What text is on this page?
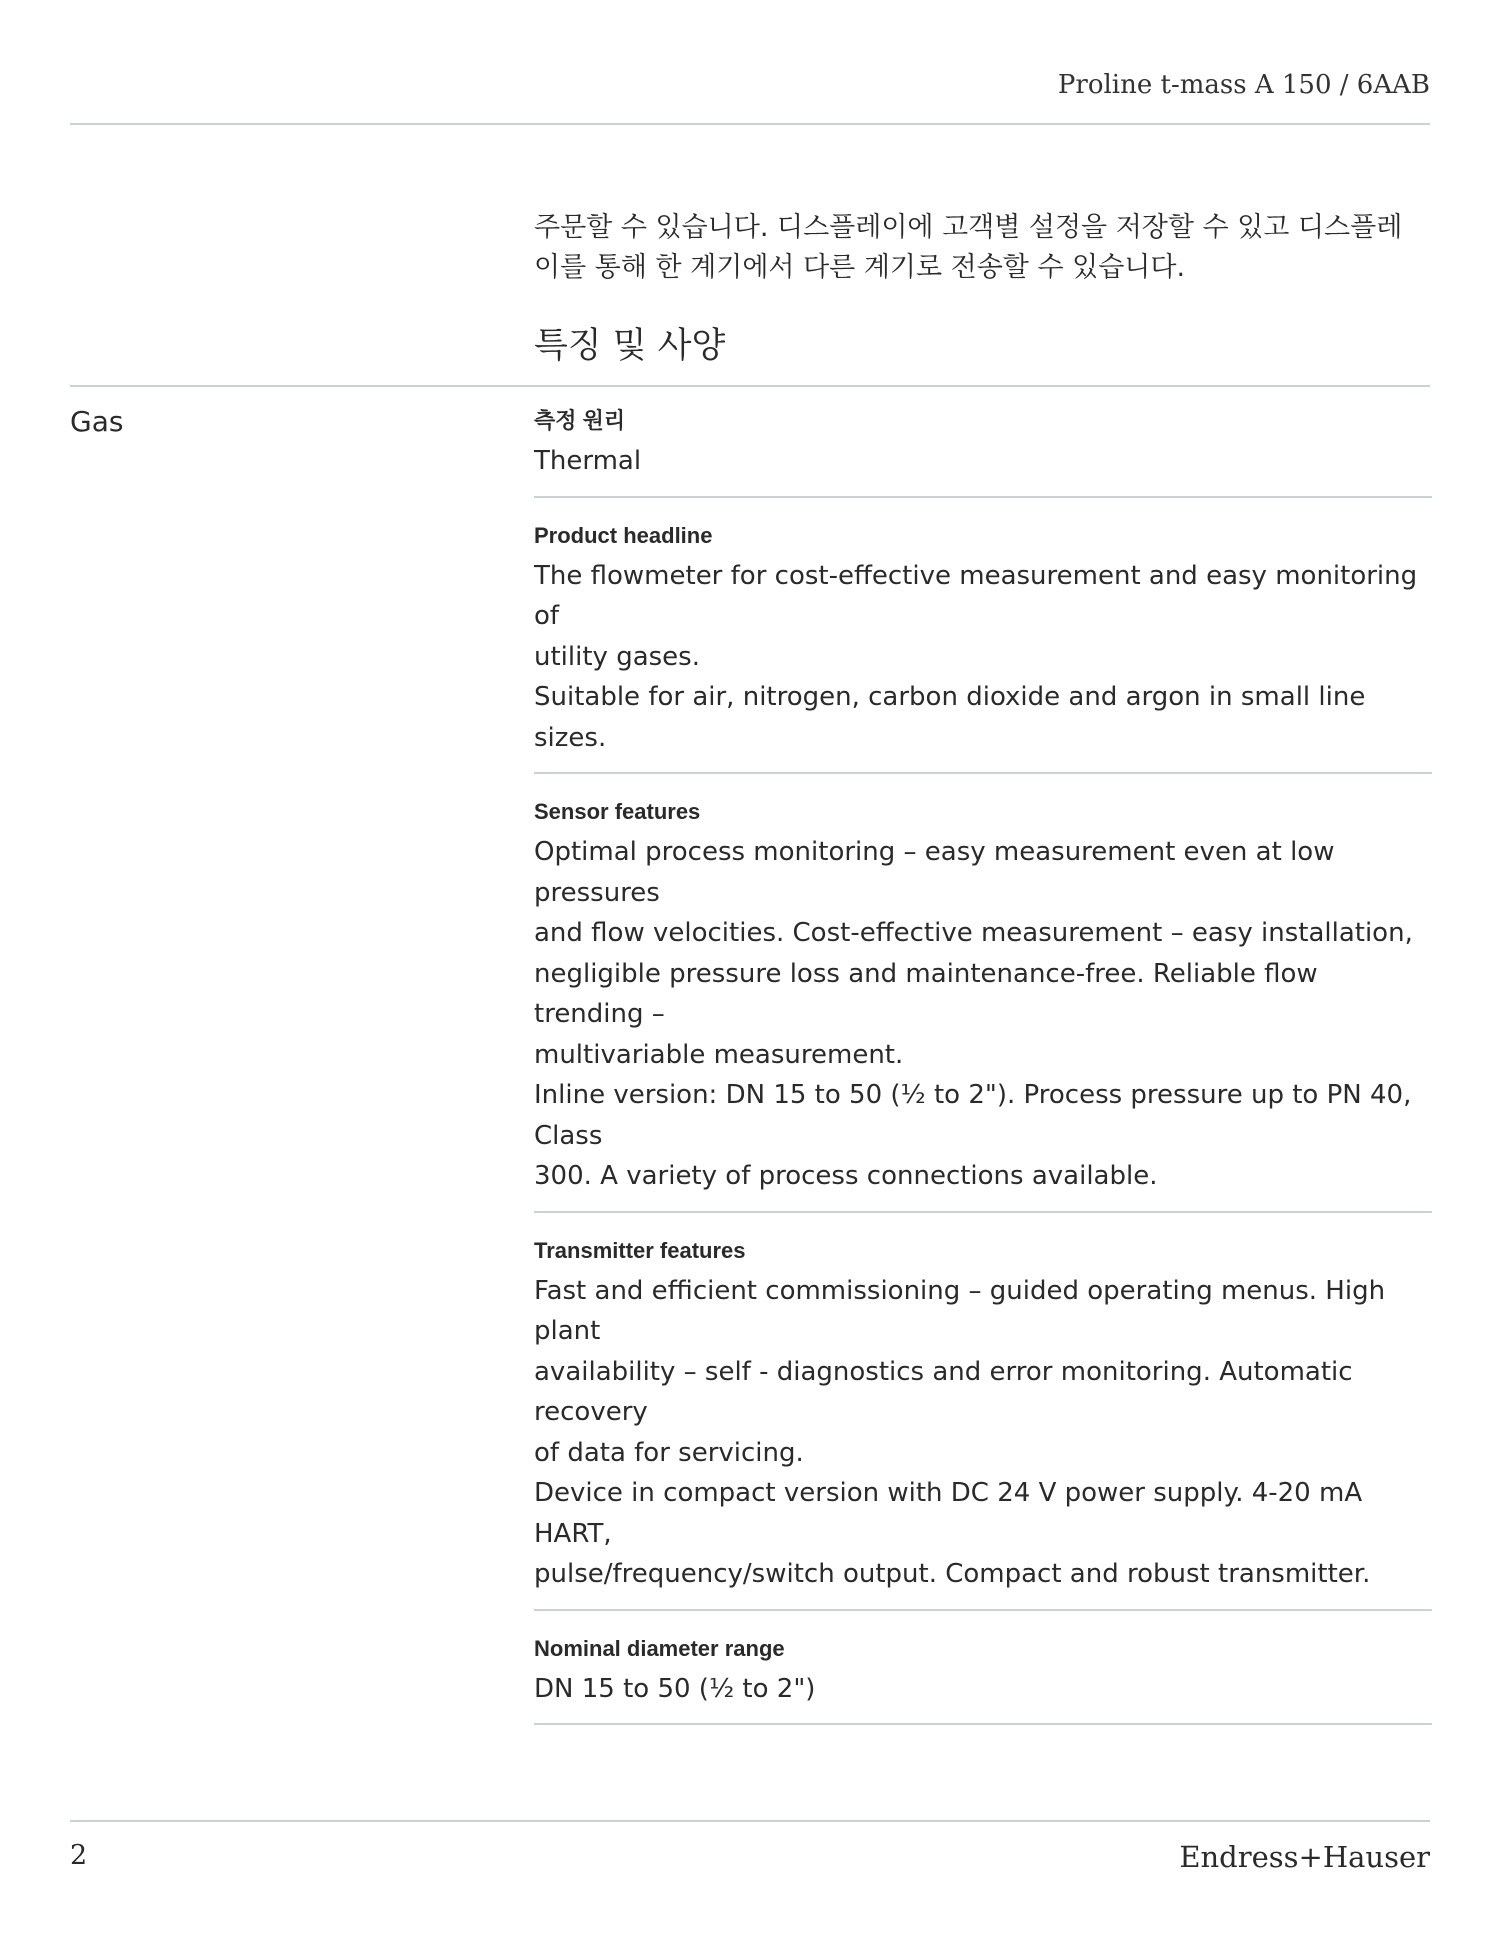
Proline t-mass A 150 / 6AAB

주문할 수 있습니다. 디스플레이에 고객별 설정을 저장할 수 있고 디스플레

이를 통해 한 계기에서 다른 계기로 전송할 수 있습니다.

특징 및 사양

Gas	측정 원리

Thermal

Product headline

The flowmeter for cost-effective measurement and easy monitoring of

utility gases.

Suitable for air, nitrogen, carbon dioxide and argon in small line sizes.

Sensor features

Optimal process monitoring – easy measurement even at low pressures

and flow velocities. Cost-effective measurement – easy installation,

negligible pressure loss and maintenance-free. Reliable flow trending –

multivariable measurement.

Inline version: DN 15 to 50 (½ to 2"). Process pressure up to PN 40, Class

300. A variety of process connections available.

Transmitter features

Fast and efficient commissioning – guided operating menus. High plant

availability – self - diagnostics and error monitoring. Automatic recovery

of data for servicing.

Device in compact version with DC 24 V power supply. 4-20 mA HART,

pulse/frequency/switch output. Compact and robust transmitter.

Nominal diameter range

DN 15 to 50 (½ to 2")

2	Endress+Hauser
